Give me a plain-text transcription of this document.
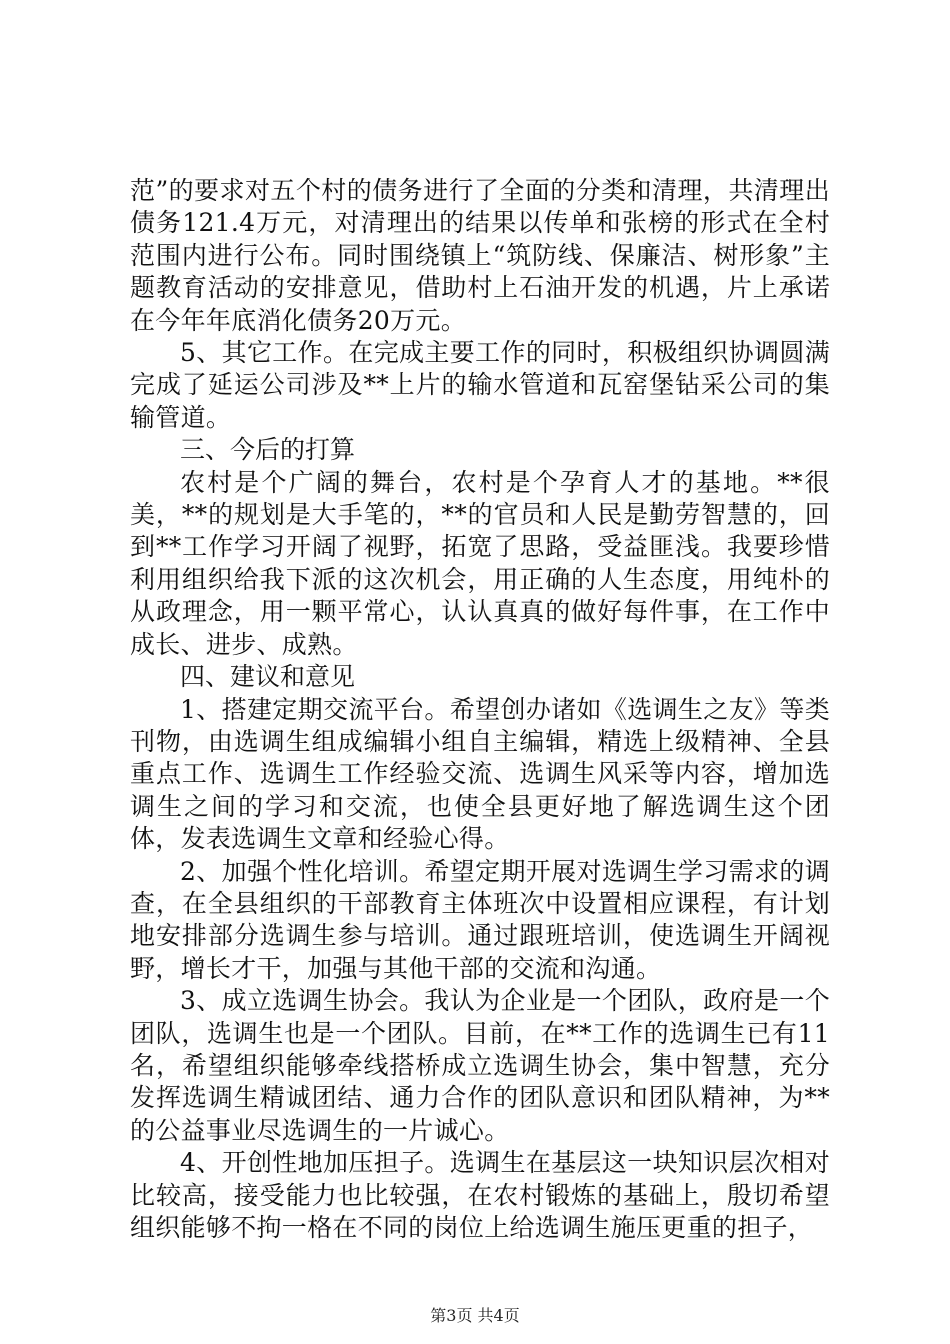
范”的要求对五个村的债务进行了全面的分类和清理，共清理出债务121.4万元，对清理出的结果以传单和张榜的形式在全村范围内进行公布。同时围绕镇上“筑防线、保廉洁、树形象”主题教育活动的安排意见，借助村上石油开发的机遇，片上承诺在今年年底消化债务20万元。

5、其它工作。在完成主要工作的同时，积极组织协调圆满完成了延运公司涉及**上片的输水管道和瓦窑堡钻采公司的集输管道。

三、今后的打算

农村是个广阔的舞台，农村是个孕育人才的基地。**很美，**的规划是大手笔的，**的官员和人民是勤劳智慧的，回到**工作学习开阔了视野，拓宽了思路，受益匪浅。我要珍惜利用组织给我下派的这次机会，用正确的人生态度，用纯朴的从政理念，用一颗平常心，认认真真的做好每件事，在工作中成长、进步、成熟。

四、建议和意见

1、搭建定期交流平台。希望创办诸如《选调生之友》等类刊物，由选调生组成编辑小组自主编辑，精选上级精神、全县重点工作、选调生工作经验交流、选调生风采等内容，增加选调生之间的学习和交流，也使全县更好地了解选调生这个团体，发表选调生文章和经验心得。

2、加强个性化培训。希望定期开展对选调生学习需求的调查，在全县组织的干部教育主体班次中设置相应课程，有计划地安排部分选调生参与培训。通过跟班培训，使选调生开阔视野，增长才干，加强与其他干部的交流和沟通。

3、成立选调生协会。我认为企业是一个团队，政府是一个团队，选调生也是一个团队。目前，在**工作的选调生已有11名，希望组织能够牵线搭桥成立选调生协会，集中智慧，充分发挥选调生精诚团结、通力合作的团队意识和团队精神，为**的公益事业尽选调生的一片诚心。

4、开创性地加压担子。选调生在基层这一块知识层次相对比较高，接受能力也比较强，在农村锻炼的基础上，殷切希望组织能够不拘一格在不同的岗位上给选调生施压更重的担子，

第3页 共4页
